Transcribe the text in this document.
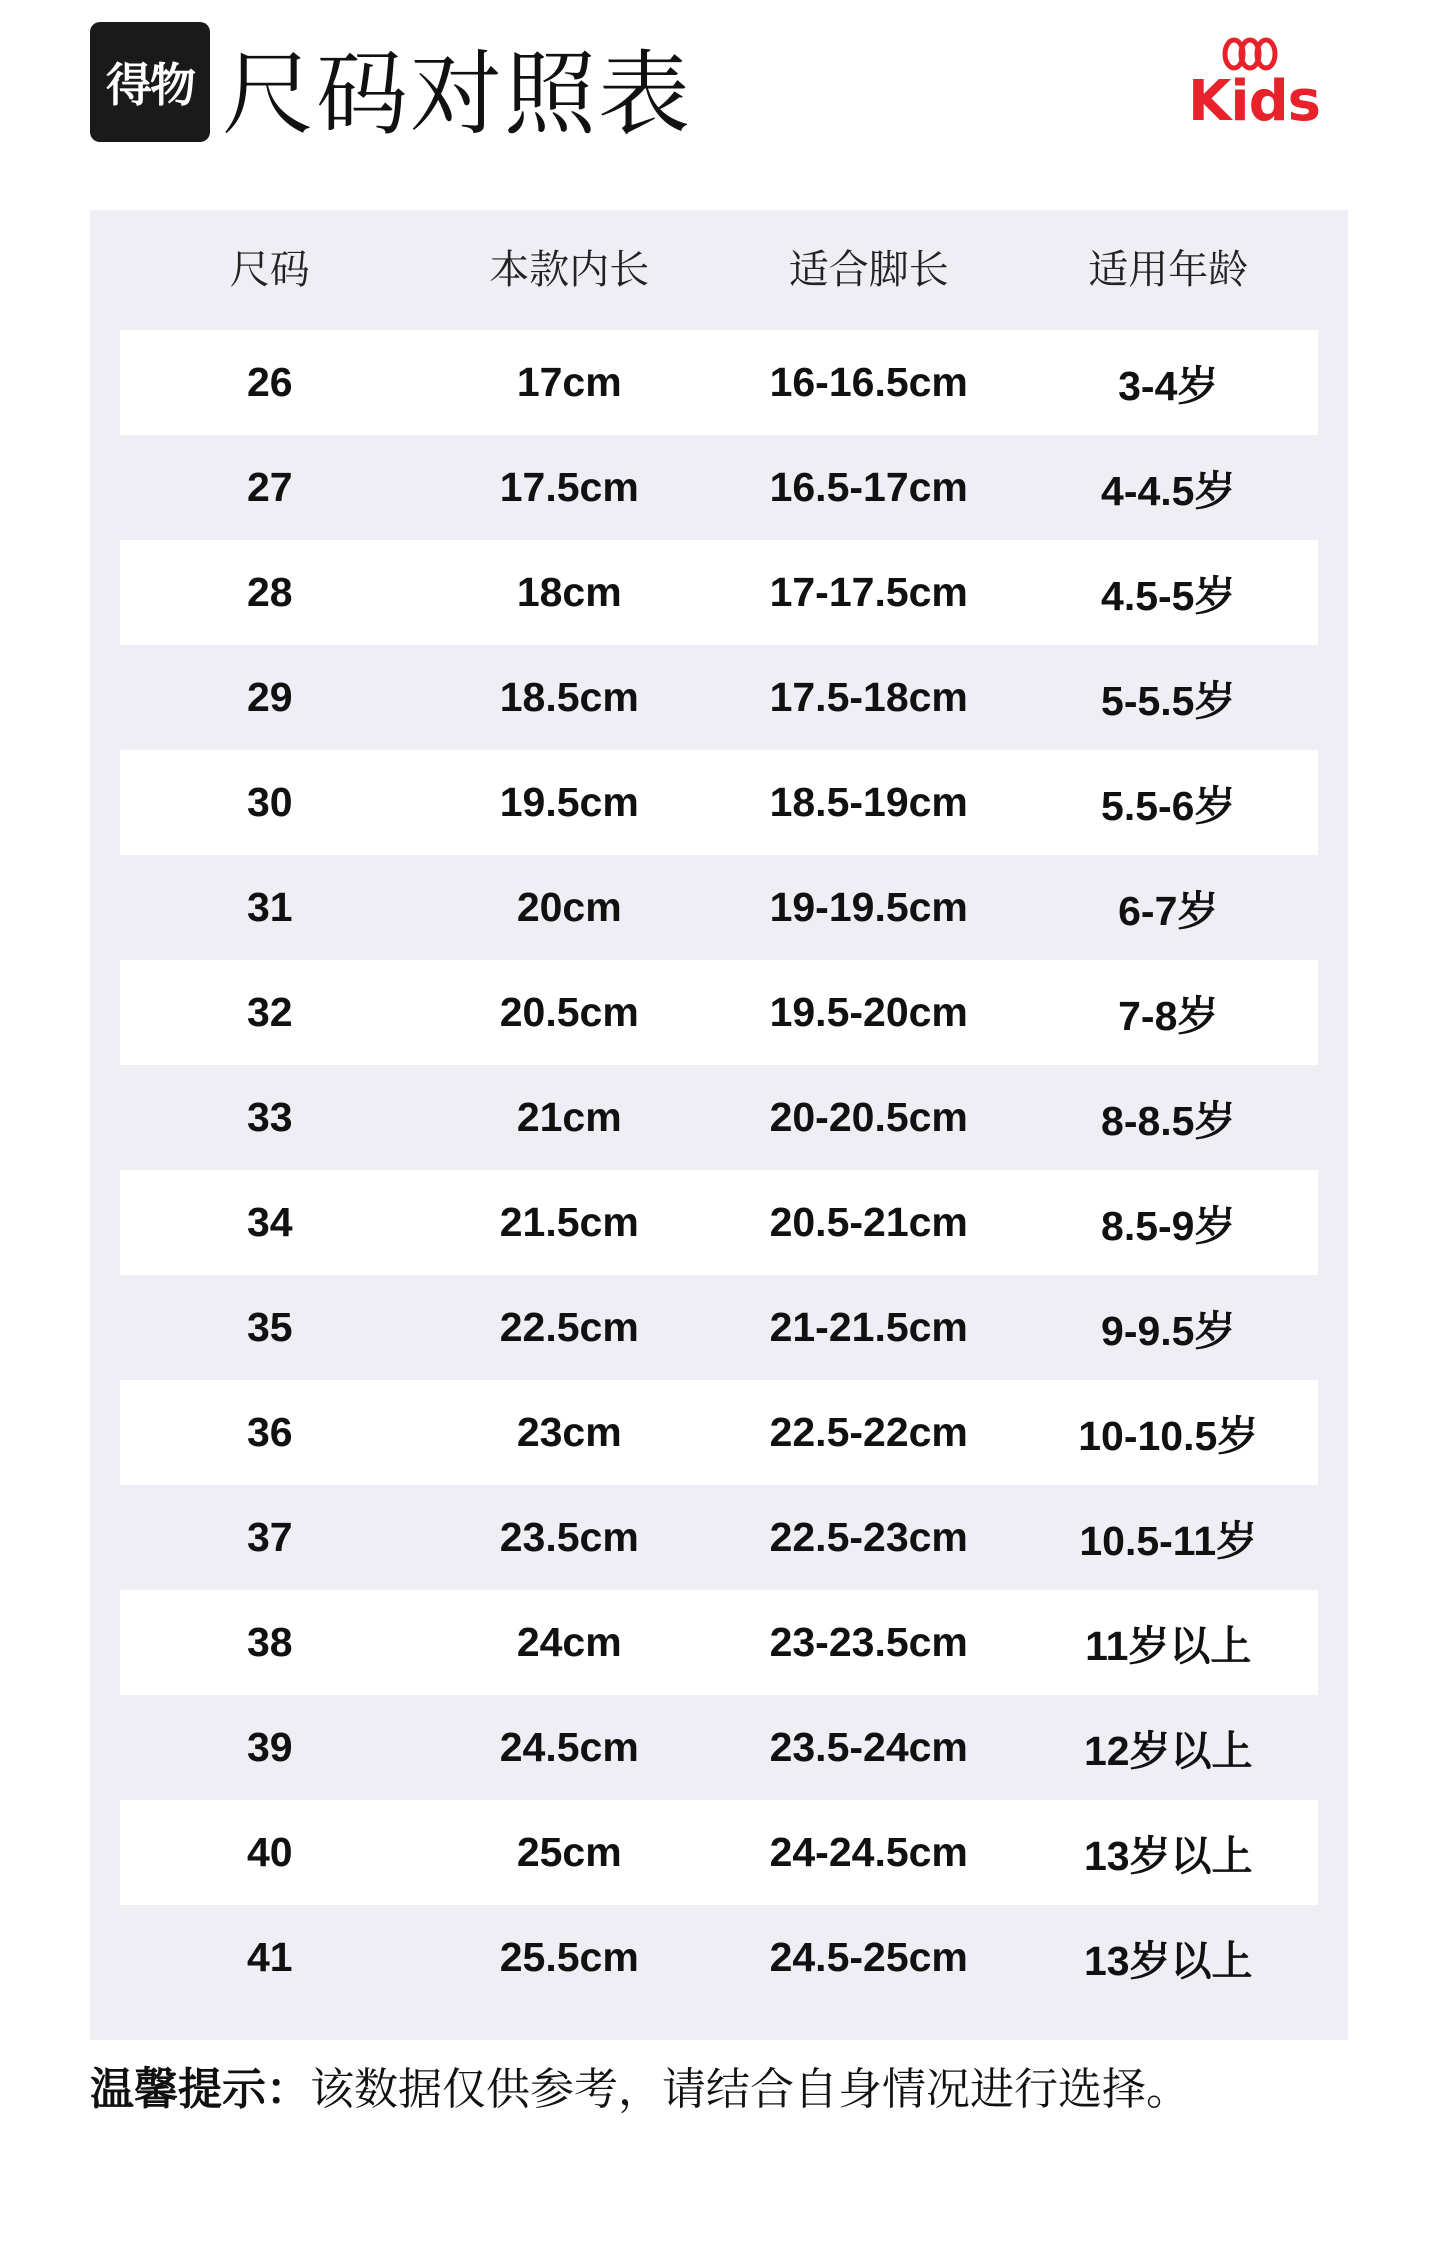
得物 尺码对照表	Kids
尺码	本款内长	适合脚长	适用年龄
26	17cm	16-16.5cm	3-4岁
27	17.5cm	16.5-17cm	4-4.5岁
28	18cm	17-17.5cm	4.5-5岁
29	18.5cm	17.5-18cm	5-5.5岁
30	19.5cm	18.5-19cm	5.5-6岁
31	20cm	19-19.5cm	6-7岁
32	20.5cm	19.5-20cm	7-8岁
33	21cm	20-20.5cm	8-8.5岁
34	21.5cm	20.5-21cm	8.5-9岁
35	22.5cm	21-21.5cm	9-9.5岁
36	23cm	22.5-22cm	10-10.5岁
37	23.5cm	22.5-23cm	10.5-11岁
38	24cm	23-23.5cm	11岁以上
39	24.5cm	23.5-24cm	12岁以上
40	25cm	24-24.5cm	13岁以上
41	25.5cm	24.5-25cm	13岁以上
温馨提示：该数据仅供参考，请结合自身情况进行选择。
